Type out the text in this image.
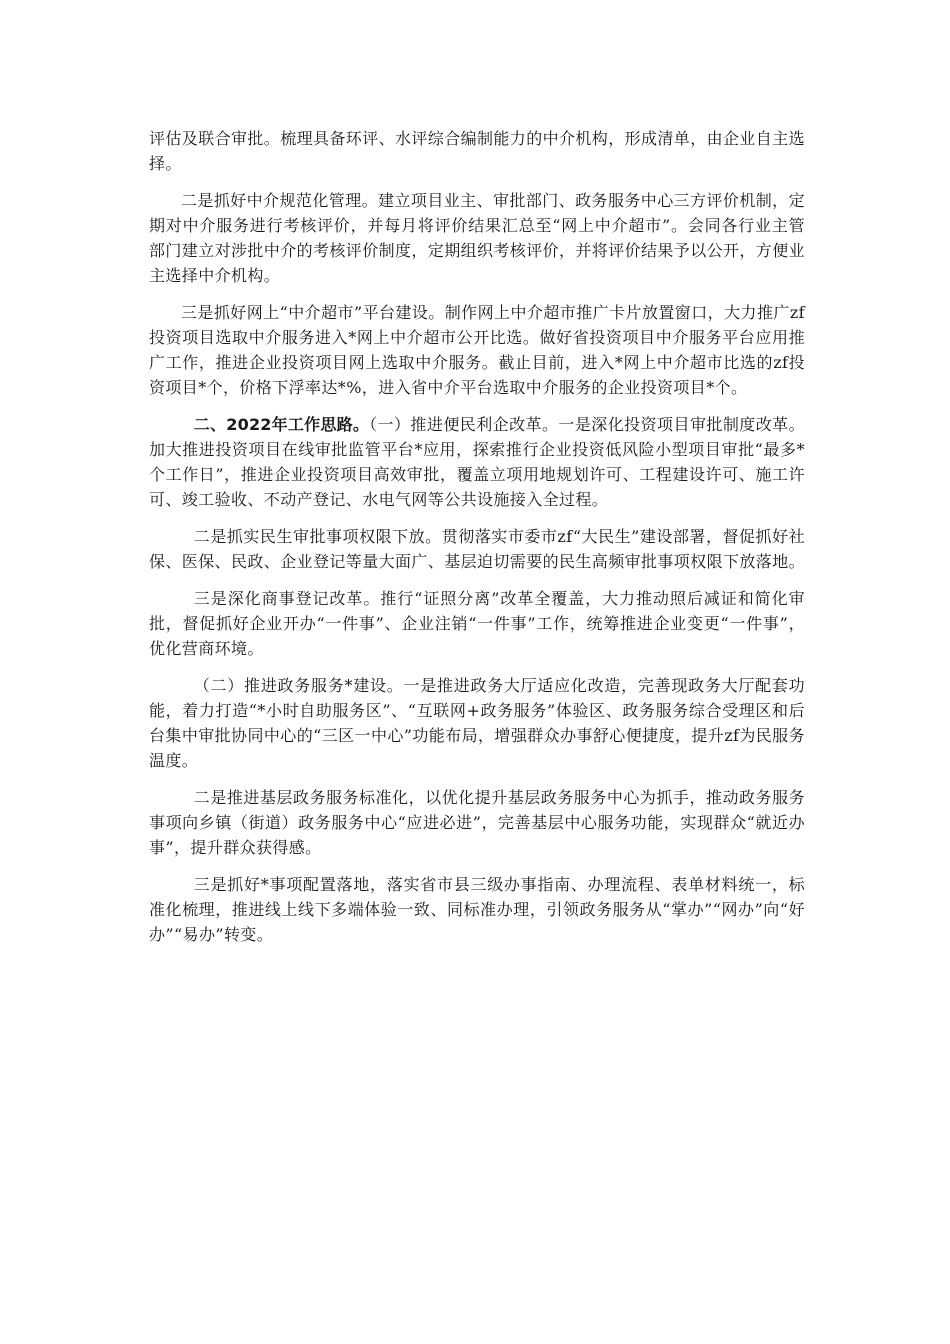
评估及联合审批。梳理具备环评、水评综合编制能力的中介机构，形成清单，由企业自主选择。

二是抓好中介规范化管理。建立项目业主、审批部门、政务服务中心三方评价机制，定期对中介服务进行考核评价，并每月将评价结果汇总至“网上中介超市”。会同各行业主管部门建立对涉批中介的考核评价制度，定期组织考核评价，并将评价结果予以公开，方便业主选择中介机构。

三是抓好网上“中介超市”平台建设。制作网上中介超市推广卡片放置窗口，大力推广zf投资项目选取中介服务进入*网上中介超市公开比选。做好省投资项目中介服务平台应用推广工作，推进企业投资项目网上选取中介服务。截止目前，进入*网上中介超市比选的zf投资项目*个，价格下浮率达*%，进入省中介平台选取中介服务的企业投资项目*个。

二、2022年工作思路。（一）推进便民利企改革。一是深化投资项目审批制度改革。加大推进投资项目在线审批监管平台*应用，探索推行企业投资低风险小型项目审批“最多*个工作日”，推进企业投资项目高效审批，覆盖立项用地规划许可、工程建设许可、施工许可、竣工验收、不动产登记、水电气网等公共设施接入全过程。

二是抓实民生审批事项权限下放。贯彻落实市委市zf“大民生”建设部署，督促抓好社保、医保、民政、企业登记等量大面广、基层迫切需要的民生高频审批事项权限下放落地。

三是深化商事登记改革。推行“证照分离”改革全覆盖，大力推动照后减证和简化审批，督促抓好企业开办“一件事”、企业注销“一件事”工作，统筹推进企业变更“一件事”，优化营商环境。

（二）推进政务服务*建设。一是推进政务大厅适应化改造，完善现政务大厅配套功能，着力打造“*小时自助服务区”、“互联网+政务服务”体验区、政务服务综合受理区和后台集中审批协同中心的“三区一中心”功能布局，增强群众办事舒心便捷度，提升zf为民服务温度。

二是推进基层政务服务标准化，以优化提升基层政务服务中心为抓手，推动政务服务事项向乡镇（街道）政务服务中心“应进必进”，完善基层中心服务功能，实现群众“就近办事”，提升群众获得感。

三是抓好*事项配置落地，落实省市县三级办事指南、办理流程、表单材料统一，标准化梳理，推进线上线下多端体验一致、同标准办理，引领政务服务从“掌办”“网办”向“好办”“易办”转变。
